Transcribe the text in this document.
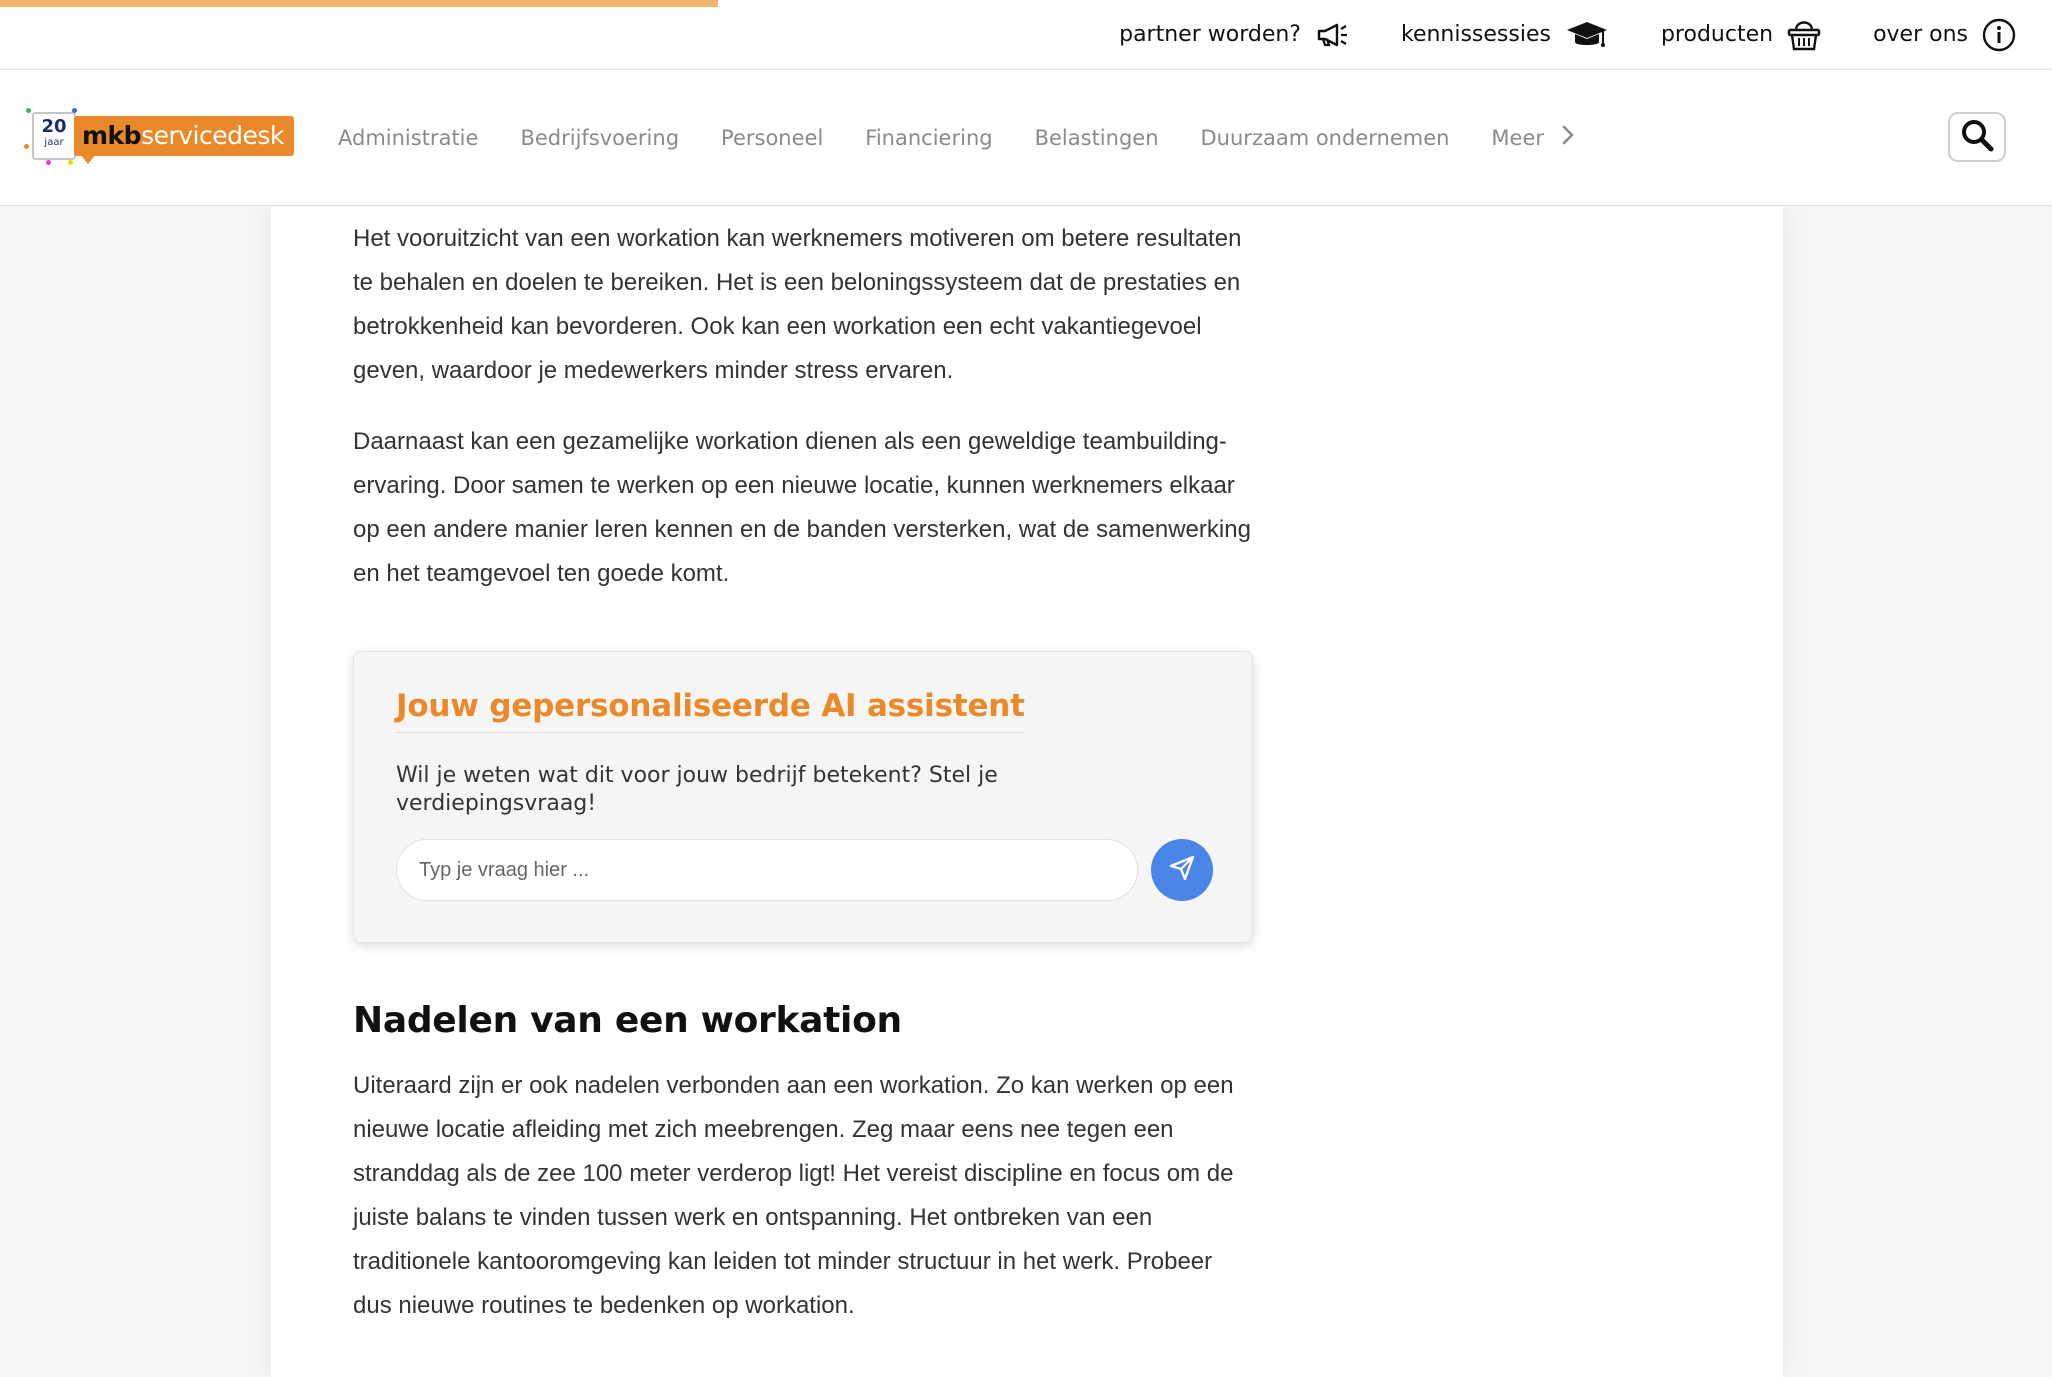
partner worden?	kennissessies	producten	over ons
20
jaar mkbservicedesk	Administratie Bedrijfsvoering Personeel Financiering Belastingen Duurzaam ondernemen Meer

Het vooruitzicht van een workation kan werknemers motiveren om betere resultaten te behalen en doelen te bereiken. Het is een beloningssysteem dat de prestaties en betrokkenheid kan bevorderen. Ook kan een workation een echt vakantiegevoel geven, waardoor je medewerkers minder stress ervaren.

Daarnaast kan een gezamelijke workation dienen als een geweldige teambuilding-ervaring. Door samen te werken op een nieuwe locatie, kunnen werknemers elkaar op een andere manier leren kennen en de banden versterken, wat de samenwerking en het teamgevoel ten goede komt.

Jouw gepersonaliseerde AI assistent
Wil je weten wat dit voor jouw bedrijf betekent? Stel je verdiepingsvraag!
Typ je vraag hier ...
Nadelen van een workation

Uiteraard zijn er ook nadelen verbonden aan een workation. Zo kan werken op een nieuwe locatie afleiding met zich meebrengen. Zeg maar eens nee tegen een stranddag als de zee 100 meter verderop ligt! Het vereist discipline en focus om de juiste balans te vinden tussen werk en ontspanning. Het ontbreken van een traditionele kantooromgeving kan leiden tot minder structuur in het werk. Probeer dus nieuwe routines te bedenken op workation.
